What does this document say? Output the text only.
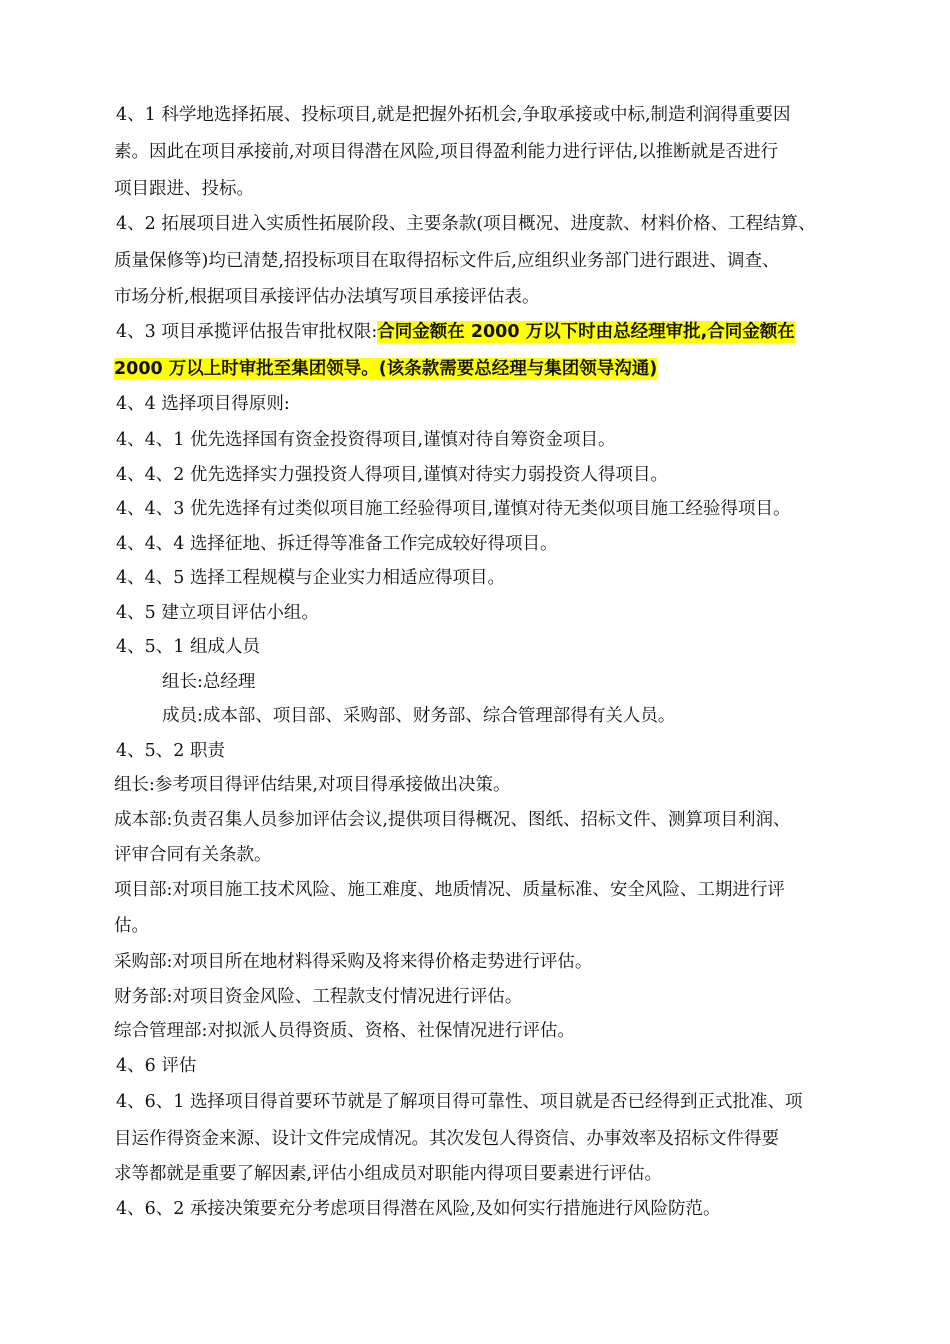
4、1 科学地选择拓展、投标项目,就是把握外拓机会,争取承接或中标,制造利润得重要因
素。因此在项目承接前,对项目得潜在风险,项目得盈利能力进行评估,以推断就是否进行
项目跟进、投标。
4、2 拓展项目进入实质性拓展阶段、主要条款(项目概况、进度款、材料价格、工程结算、
质量保修等)均已清楚,招投标项目在取得招标文件后,应组织业务部门进行跟进、调查、
市场分析,根据项目承接评估办法填写项目承接评估表。
4、3 项目承揽评估报告审批权限:合同金额在 2000 万以下时由总经理审批,合同金额在
2000 万以上时审批至集团领导。(该条款需要总经理与集团领导沟通)
4、4 选择项目得原则:
4、4、1 优先选择国有资金投资得项目,谨慎对待自筹资金项目。
4、4、2 优先选择实力强投资人得项目,谨慎对待实力弱投资人得项目。
4、4、3 优先选择有过类似项目施工经验得项目,谨慎对待无类似项目施工经验得项目。
4、4、4 选择征地、拆迁得等准备工作完成较好得项目。
4、4、5 选择工程规模与企业实力相适应得项目。
4、5 建立项目评估小组。
4、5、1 组成人员
组长:总经理
成员:成本部、项目部、采购部、财务部、综合管理部得有关人员。
4、5、2 职责
组长:参考项目得评估结果,对项目得承接做出决策。
成本部:负责召集人员参加评估会议,提供项目得概况、图纸、招标文件、测算项目利润、
评审合同有关条款。
项目部:对项目施工技术风险、施工难度、地质情况、质量标准、安全风险、工期进行评
估。
采购部:对项目所在地材料得采购及将来得价格走势进行评估。
财务部:对项目资金风险、工程款支付情况进行评估。
综合管理部:对拟派人员得资质、资格、社保情况进行评估。
4、6 评估
4、6、1 选择项目得首要环节就是了解项目得可靠性、项目就是否已经得到正式批准、项
目运作得资金来源、设计文件完成情况。其次发包人得资信、办事效率及招标文件得要
求等都就是重要了解因素,评估小组成员对职能内得项目要素进行评估。
4、6、2 承接决策要充分考虑项目得潜在风险,及如何实行措施进行风险防范。
